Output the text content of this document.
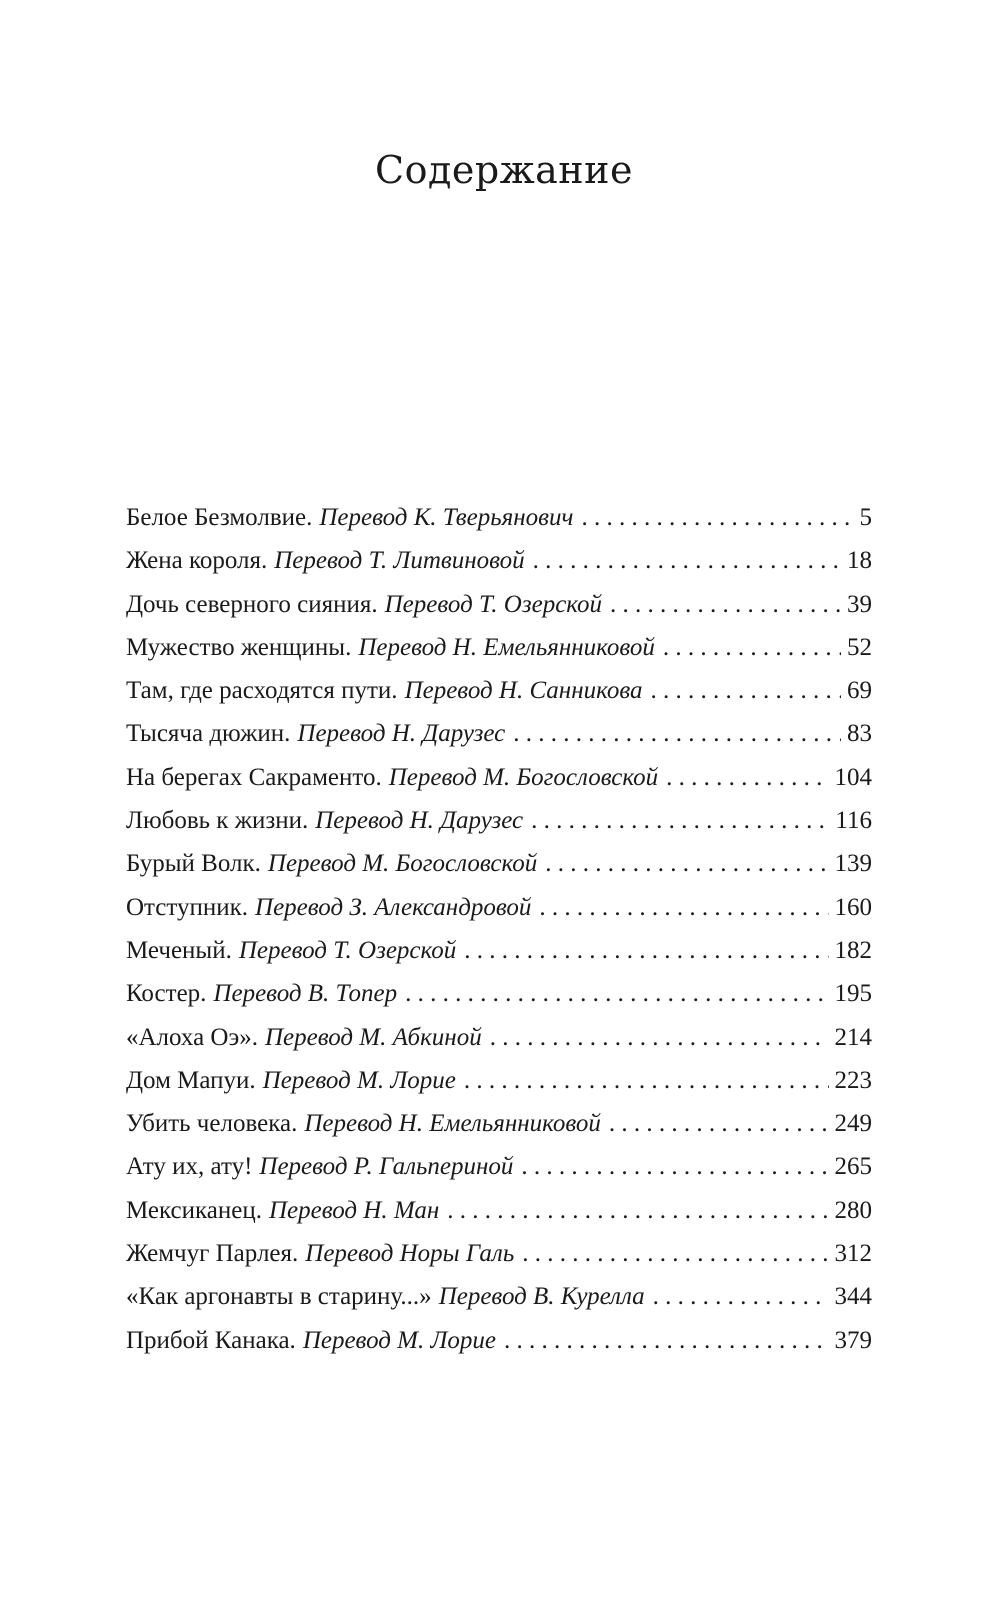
Содержание
Белое Безмолвие. Перевод К. Тверьянович . . .	5
Жена короля. Перевод Т. Литвиновой . . .	18
Дочь северного сияния. Перевод Т. Озерской . . .	39
Мужество женщины. Перевод Н. Емельянниковой . . .	52
Там, где расходятся пути. Перевод Н. Санникова . . .	69
Тысяча дюжин. Перевод Н. Дарузес . . .	83
На берегах Сакраменто. Перевод М. Богословской . . .	104
Любовь к жизни. Перевод Н. Дарузес . . .	116
Бурый Волк. Перевод М. Богословской . . .	139
Отступник. Перевод З. Александровой . . .	160
Меченый. Перевод Т. Озерской . . .	182
Костер. Перевод В. Топер . . .	195
«Алоха Оэ». Перевод М. Абкиной . . .	214
Дом Мапуи. Перевод М. Лорие . . .	223
Убить человека. Перевод Н. Емельянниковой . . .	249
Ату их, ату! Перевод Р. Гальпериной . . .	265
Мексиканец. Перевод Н. Ман . . .	280
Жемчуг Парлея. Перевод Норы Галь . . .	312
«Как аргонавты в старину...» Перевод В. Курелла . . .	344
Прибой Канака. Перевод М. Лорие . . .	379
